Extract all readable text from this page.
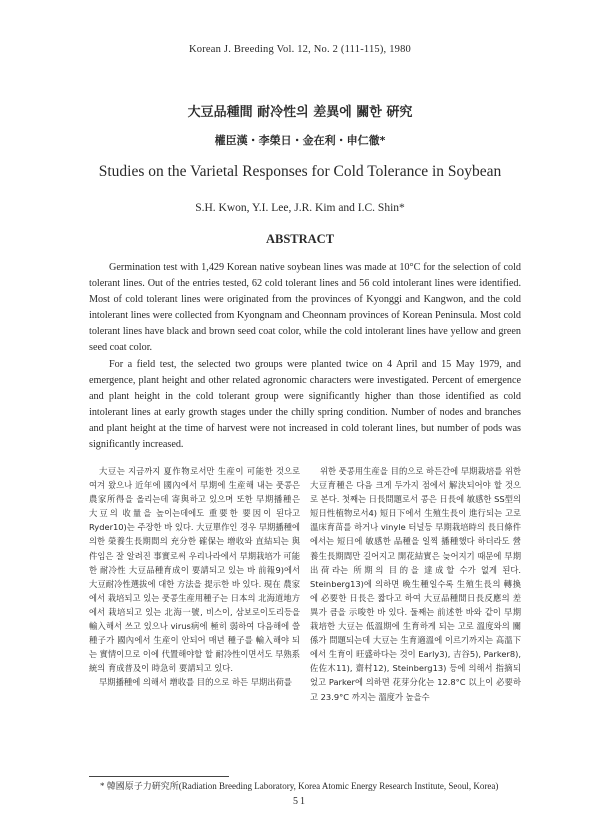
Korean J. Breeding Vol. 12, No. 2 (111-115), 1980
大豆品種間 耐冷性의 差異에 關한 硏究
權臣漢・李榮日・金在利・申仁徹*
Studies on the Varietal Responses for Cold Tolerance in Soybean
S.H. Kwon, Y.I. Lee, J.R. Kim and I.C. Shin*
ABSTRACT

Germination test with 1,429 Korean native soybean lines was made at 10°C for the selection of cold tolerant lines. Out of the entries tested, 62 cold tolerant lines and 56 cold intolerant lines were identified. Most of cold tolerant lines were originated from the provinces of Kyonggi and Kangwon, and the cold intolerant lines were collected from Kyongnam and Cheonnam provinces of Korean Peninsula. Most cold tolerant lines have black and brown seed coat color, while the cold intolerant lines have yellow and green seed coat color.

For a field test, the selected two groups were planted twice on 4 April and 15 May 1979, and emergence, plant height and other related agronomic characters were investigated. Percent of emergence and plant height in the cold tolerant group were significantly higher than those identified as cold intolerant lines at early growth stages under the chilly spring condition. Number of nodes and branches and plant height at the time of harvest were not increased in cold tolerant lines, but number of pods was significantly increased.

大豆는 지금까지 夏作物로서만 生産이 可能한 것으로 여겨 왔으나 近年에 國內에서 早期에 生産해 내는 풋콩은 農家所得을 올리는데 寄與하고 있으며 또한 早期播種은 大豆의 收量을 높이는데에도 重要한 要因이 된다고 Ryder10)는 주장한 바 있다. 大豆單作인 경우 早期播種에 의한 榮養生長期間의 充分한 確保는 增收와 直結되는 與件임은 잘 알려진 事實로써 우리나라에서 早期栽培가 可能한 耐冷性 大豆品種育成이 要請되고 있는 바 前報9)에서 大豆耐冷性選拔에 대한 方法을 提示한 바 있다. 現在 農家에서 栽培되고 있는 풋콩生産用種子는 日本의 北海道地方에서 栽培되고 있는 北海一號, 비스이, 삼보로이도리등을 輸入해서 쓰고 있으나 virus病에 極히 弱하여 다음해에 쓸 種子가 國內에서 生産이 안되어 매년 種子를 輸入해야 되는 實情이므로 이에 代置해야할 할 耐冷性이면서도 早熟系統의 育成普及이 時急히 要請되고 있다.

早期播種에 의해서 增收를 目的으로 하든 早期出荷를

위한 풋콩用生産을 目的으로 하든간에 早期栽培를 위한 大豆育種은 다음 크게 두가지 점에서 解決되어야 할 것으로 본다. 첫째는 日長問題로서 콩은 日長에 敏感한 SS型의 短日性植物로서4) 短日下에서 生殖生長이 進行되는 고로 溫床育苗를 하거나 vinyle 터널등 早期栽培時의 長日條件에서는 短日에 敏感한 品種을 일찍 播種했다 하더라도 營養生長期間만 길어지고 開花結實은 늦어지기 때문에 早期出荷라는 所期의 目的을 達成할 수가 없게 된다. Steinberg13)에 의하면 晩生種일수록 生殖生長의 轉換에 必要한 日長은 짧다고 하여 大豆品種間日長反應의 差異가 큼을 示唆한 바 있다. 둘째는 前述한 바와 같이 早期栽培한 大豆는 低溫期에 生育하게 되는 고로 溫度와의 關係가 問題되는데 大豆는 生育適溫에 이르기까지는 高溫下에서 生育이 旺盛하다는 것이 Early3), 吉谷5), Parker8), 佐佐木11), 齋村12), Steinberg13) 등에 의해서 指摘되었고 Parker에 의하면 花芽分化는 12.8°C 以上이 必要하고 23.9°C 까지는 溫度가 높을수

* 韓國原子力硏究所(Radiation Breeding Laboratory, Korea Atomic Energy Research Institute, Seoul, Korea)
51
